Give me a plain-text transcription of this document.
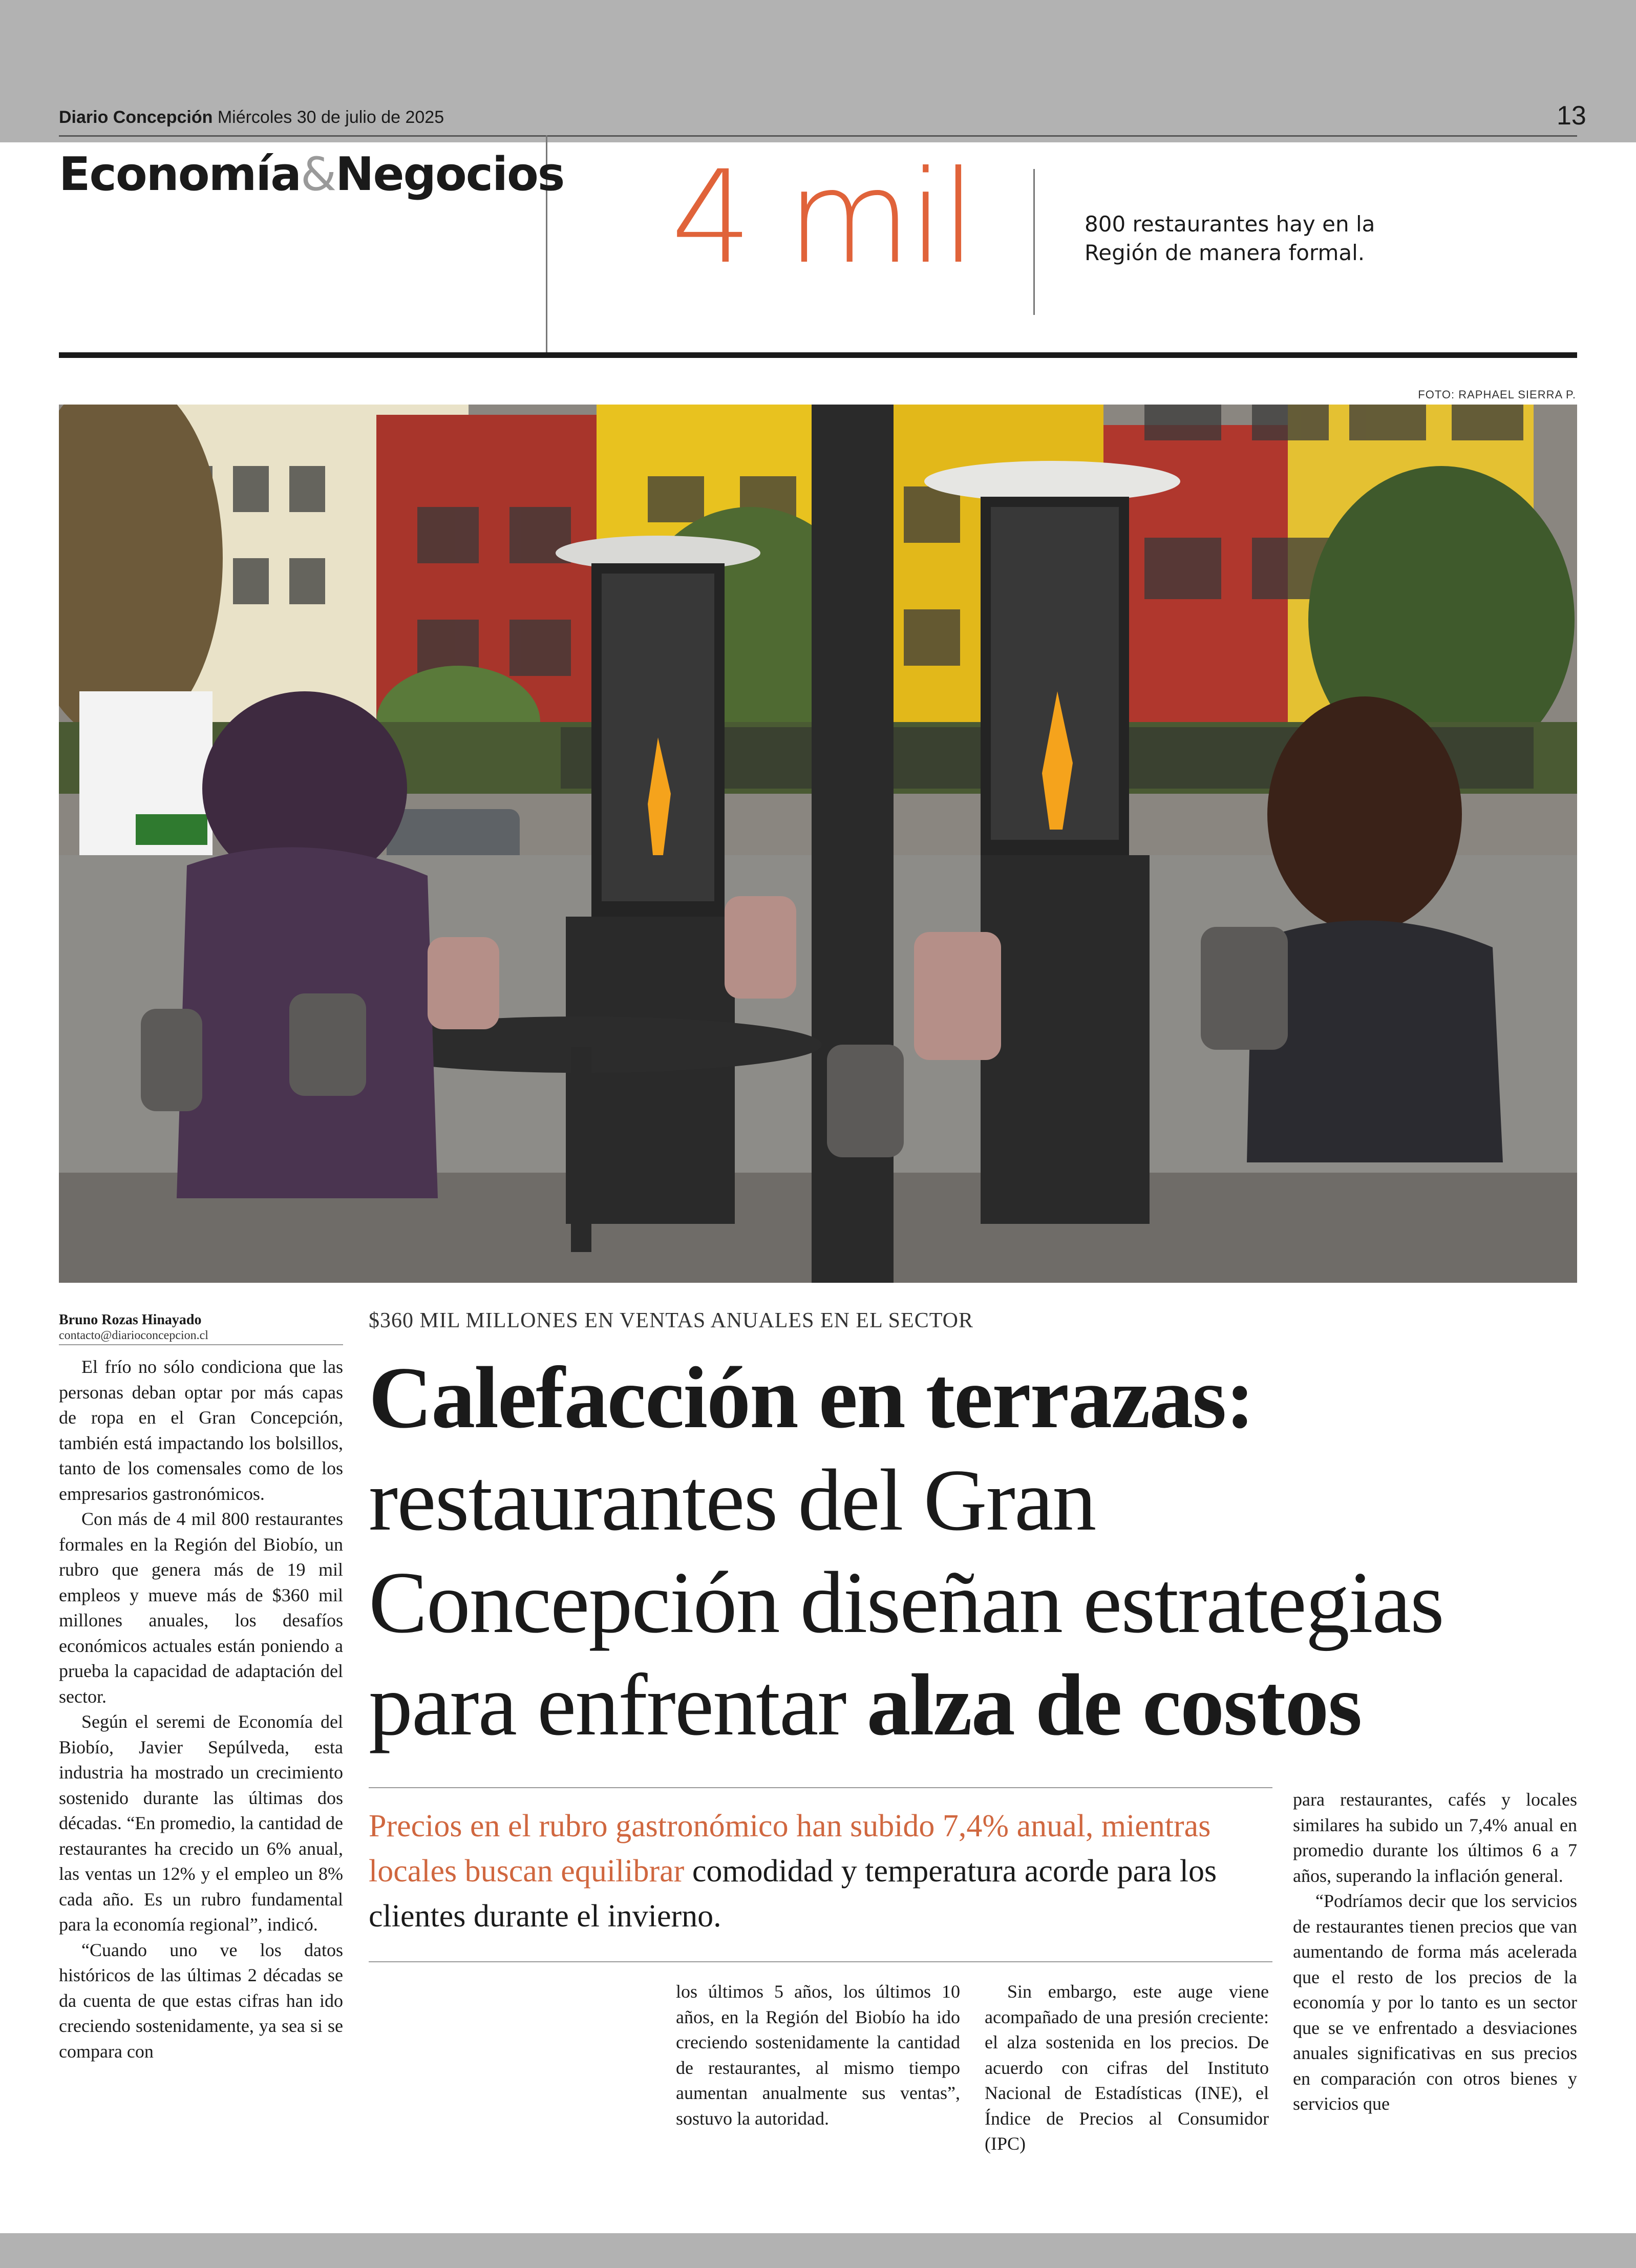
Diario Concepción Miércoles 30 de julio de 2025	13
Economía&Negocios 4 mil	800 restaurantes hay en la
Región de manera formal.
FOTO: RAPHAEL SIERRA P.
Bruno Rozas Hinayado
contacto@diarioconcepcion.cl
$360 MIL MILLONES EN VENTAS ANUALES EN EL SECTOR
Calefacción en terrazas:
restaurantes del Gran
Concepción diseñan estrategias
para enfrentar alza de costos
Precios en el rubro gastronómico han subido 7,4% anual, mientras locales buscan equilibrar comodidad y temperatura acorde para los clientes durante el invierno.

El frío no sólo condiciona que las personas deban optar por más capas de ropa en el Gran Concepción, también está impactando los bolsillos, tanto de los comensales como de los empresarios gastronómicos.

Con más de 4 mil 800 restaurantes formales en la Región del Biobío, un rubro que genera más de 19 mil empleos y mueve más de $360 mil millones anuales, los desafíos económicos actuales están poniendo a prueba la capacidad de adaptación del sector.

Según el seremi de Economía del Biobío, Javier Sepúlveda, esta industria ha mostrado un crecimiento sostenido durante las últimas dos décadas. “En promedio, la cantidad de restaurantes ha crecido un 6% anual, las ventas un 12% y el empleo un 8% cada año. Es un rubro fundamental para la economía regional”, indicó.

“Cuando uno ve los datos históricos de las últimas 2 décadas se da cuenta de que estas cifras han ido creciendo sostenidamente, ya sea si se compara con

los últimos 5 años, los últimos 10 años, en la Región del Biobío ha ido creciendo sostenidamente la cantidad de restaurantes, al mismo tiempo aumentan anualmente sus ventas”, sostuvo la autoridad.

Sin embargo, este auge viene acompañado de una presión creciente: el alza sostenida en los precios. De acuerdo con cifras del Instituto Nacional de Estadísticas (INE), el Índice de Precios al Consumidor (IPC)

para restaurantes, cafés y locales similares ha subido un 7,4% anual en promedio durante los últimos 6 a 7 años, superando la inflación general.

“Podríamos decir que los servicios de restaurantes tienen precios que van aumentando de forma más acelerada que el resto de los precios de la economía y por lo tanto es un sector que se ve enfrentado a desviaciones anuales significativas en sus precios en comparación con otros bienes y servicios que
